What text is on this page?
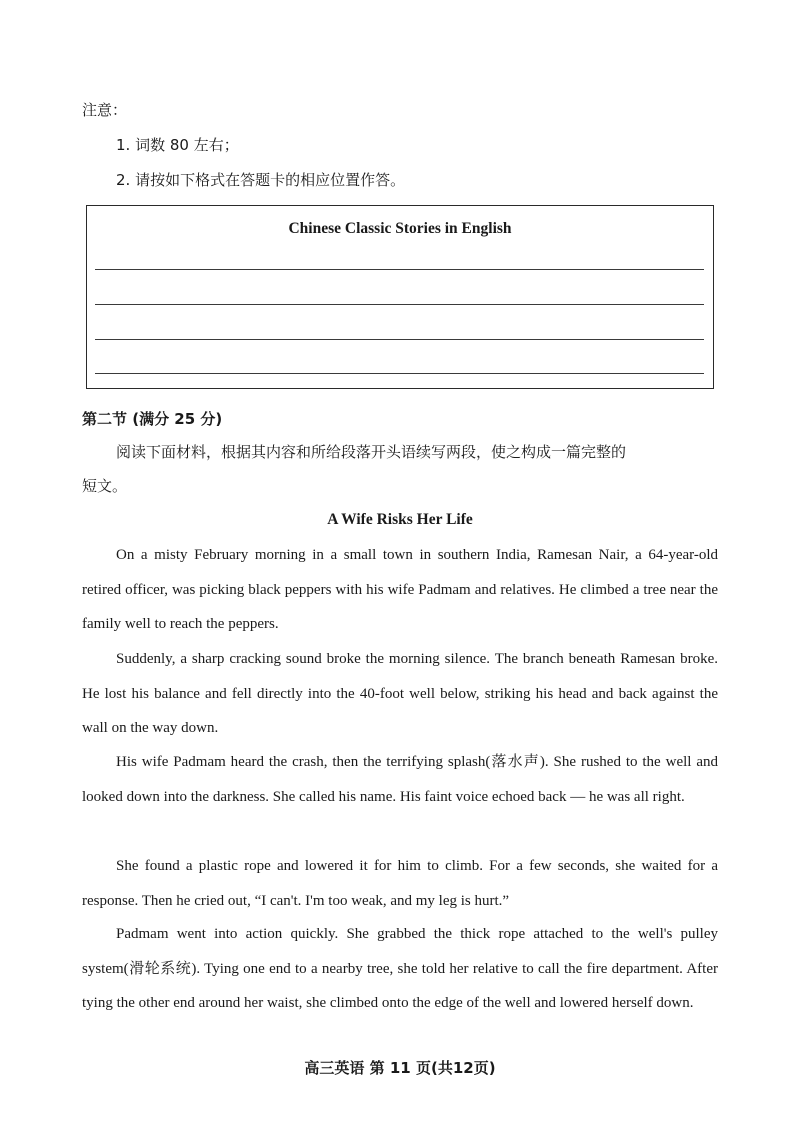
注意：
1. 词数 80 左右；
2. 请按如下格式在答题卡的相应位置作答。
Chinese Classic Stories in English
第二节 (满分 25 分)
阅读下面材料，根据其内容和所给段落开头语续写两段，使之构成一篇完整的
短文。
A Wife Risks Her Life
On a misty February morning in a small town in southern India, Ramesan Nair, a 64-year-old retired officer, was picking black peppers with his wife Padmam and relatives. He climbed a tree near the family well to reach the peppers.
Suddenly, a sharp cracking sound broke the morning silence. The branch beneath Ramesan broke. He lost his balance and fell directly into the 40-foot well below, striking his head and back against the wall on the way down.
His wife Padmam heard the crash, then the terrifying splash(落水声). She rushed to the well and looked down into the darkness. She called his name. His faint voice echoed back — he was all right.
She found a plastic rope and lowered it for him to climb. For a few seconds, she waited for a response. Then he cried out, “I can't. I'm too weak, and my leg is hurt.”
Padmam went into action quickly. She grabbed the thick rope attached to the well's pulley system(滑轮系统). Tying one end to a nearby tree, she told her relative to call the fire department. After tying the other end around her waist, she climbed onto the edge of the well and lowered herself down.
高三英语 第 11 页(共12页)
